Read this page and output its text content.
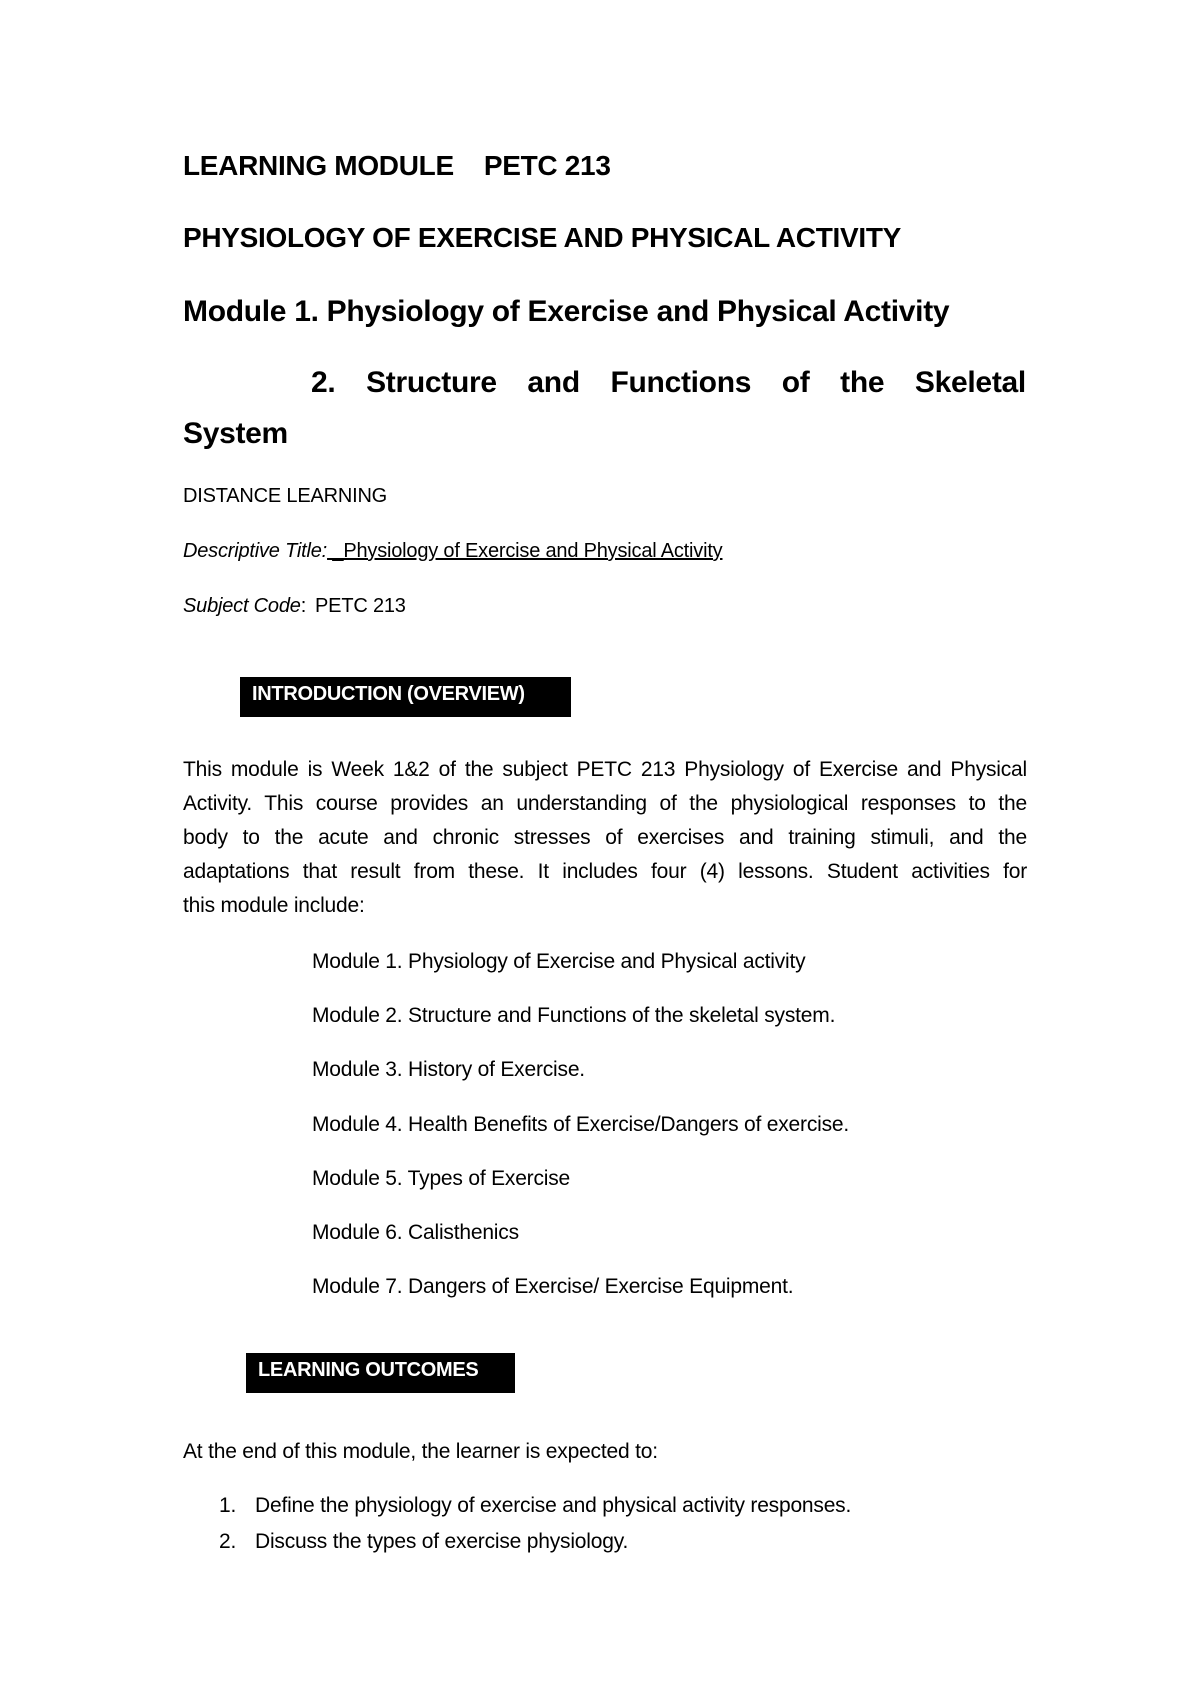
LEARNING MODULE PETC 213
PHYSIOLOGY OF EXERCISE AND PHYSICAL ACTIVITY
Module 1. Physiology of Exercise and Physical Activity
2. Structure and Functions of the Skeletal
System
DISTANCE LEARNING
Descriptive Title: _Physiology of Exercise and Physical Activity
Subject Code: PETC 213
INTRODUCTION (OVERVIEW)
This module is Week 1&2 of the subject PETC 213 Physiology of Exercise and Physical
Activity. This course provides an understanding of the physiological responses to the
body to the acute and chronic stresses of exercises and training stimuli, and the
adaptations that result from these. It includes four (4) lessons. Student activities for
this module include:
Module 1. Physiology of Exercise and Physical activity
Module 2. Structure and Functions of the skeletal system.
Module 3. History of Exercise.
Module 4. Health Benefits of Exercise/Dangers of exercise.
Module 5. Types of Exercise
Module 6. Calisthenics
Module 7. Dangers of Exercise/ Exercise Equipment.
LEARNING OUTCOMES
At the end of this module, the learner is expected to:
1. Define the physiology of exercise and physical activity responses.
2. Discuss the types of exercise physiology.
